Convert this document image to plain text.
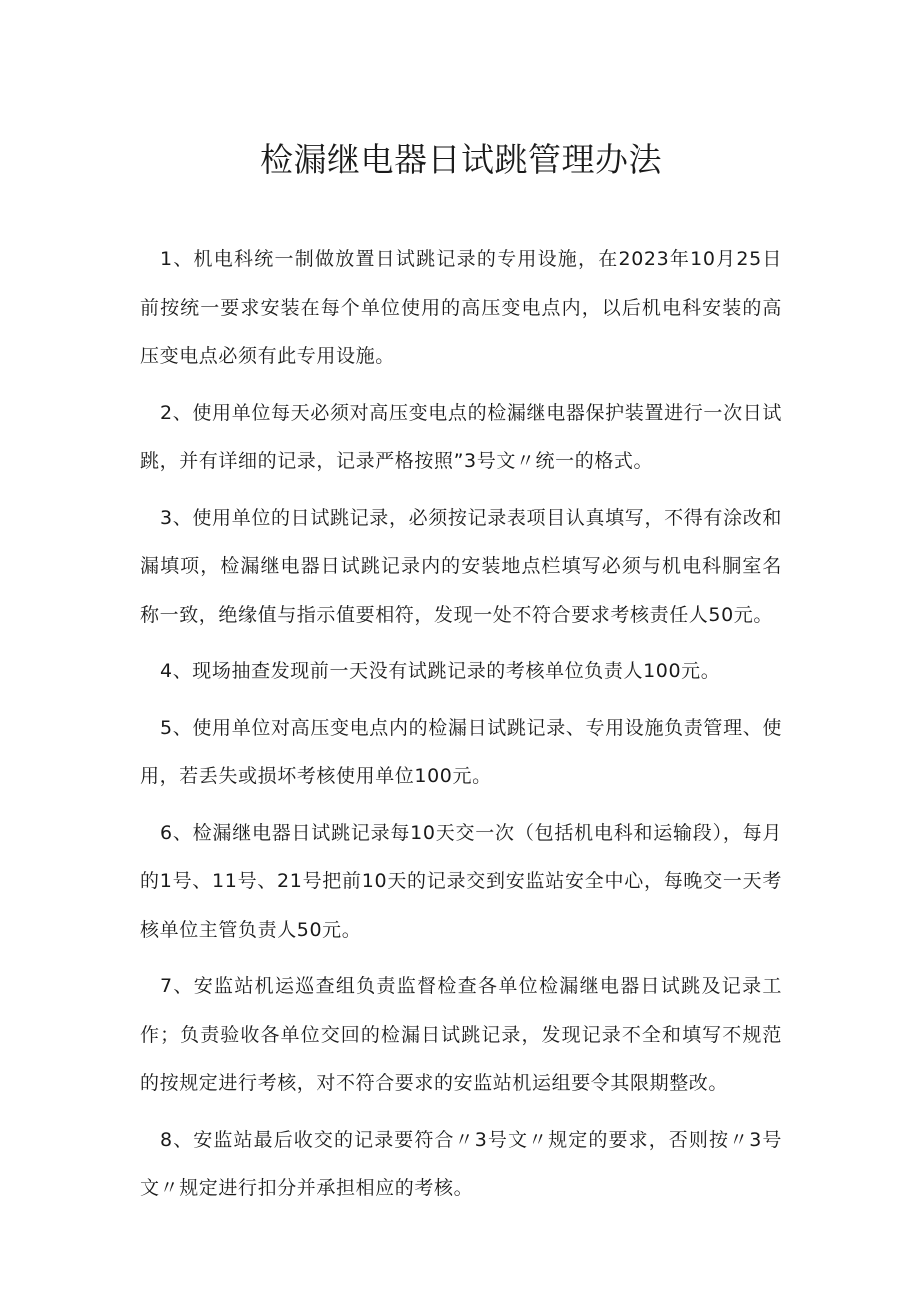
检漏继电器日试跳管理办法

1、机电科统一制做放置日试跳记录的专用设施，在2023年10月25日前按统一要求安装在每个单位使用的高压变电点内，以后机电科安装的高压变电点必须有此专用设施。

2、使用单位每天必须对高压变电点的检漏继电器保护装置进行一次日试跳，并有详细的记录，记录严格按照”3号文〃统一的格式。

3、使用单位的日试跳记录，必须按记录表项目认真填写，不得有涂改和漏填项，检漏继电器日试跳记录内的安装地点栏填写必须与机电科胴室名称一致，绝缘值与指示值要相符，发现一处不符合要求考核责任人50元。

4、现场抽查发现前一天没有试跳记录的考核单位负责人100元。

5、使用单位对高压变电点内的检漏日试跳记录、专用设施负责管理、使用，若丢失或损坏考核使用单位100元。

6、检漏继电器日试跳记录每10天交一次（包括机电科和运输段），每月的1号、11号、21号把前10天的记录交到安监站安全中心，每晚交一天考核单位主管负责人50元。

7、安监站机运巡查组负责监督检查各单位检漏继电器日试跳及记录工作；负责验收各单位交回的检漏日试跳记录，发现记录不全和填写不规范的按规定进行考核，对不符合要求的安监站机运组要令其限期整改。

8、安监站最后收交的记录要符合〃3号文〃规定的要求，否则按〃3号文〃规定进行扣分并承担相应的考核。
